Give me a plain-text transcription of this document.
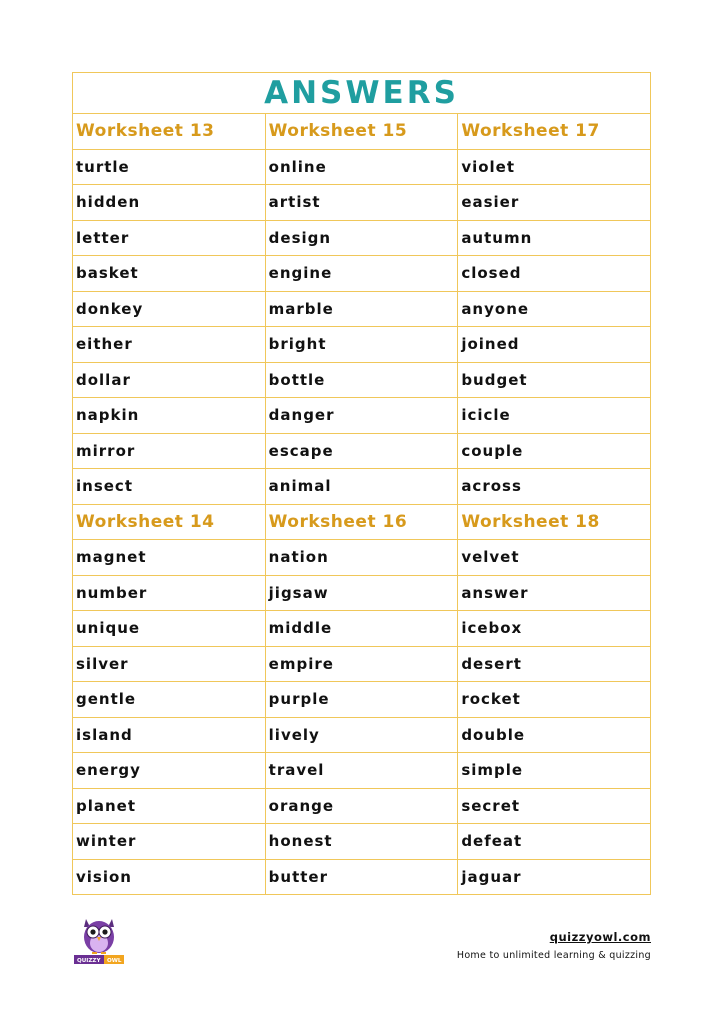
ANSWERS		
Worksheet 13	Worksheet 15	Worksheet 17
turtle	online	violet
hidden	artist	easier
letter	design	autumn
basket	engine	closed
donkey	marble	anyone
either	bright	joined
dollar	bottle	budget
napkin	danger	icicle
mirror	escape	couple
insect	animal	across
Worksheet 14	Worksheet 16	Worksheet 18
magnet	nation	velvet
number	jigsaw	answer
unique	middle	icebox
silver	empire	desert
gentle	purple	rocket
island	lively	double
energy	travel	simple
planet	orange	secret
winter	honest	defeat
vision	butter	jaguar
QUIZZY OWL
quizzyowl.com
Home to unlimited learning & quizzing
